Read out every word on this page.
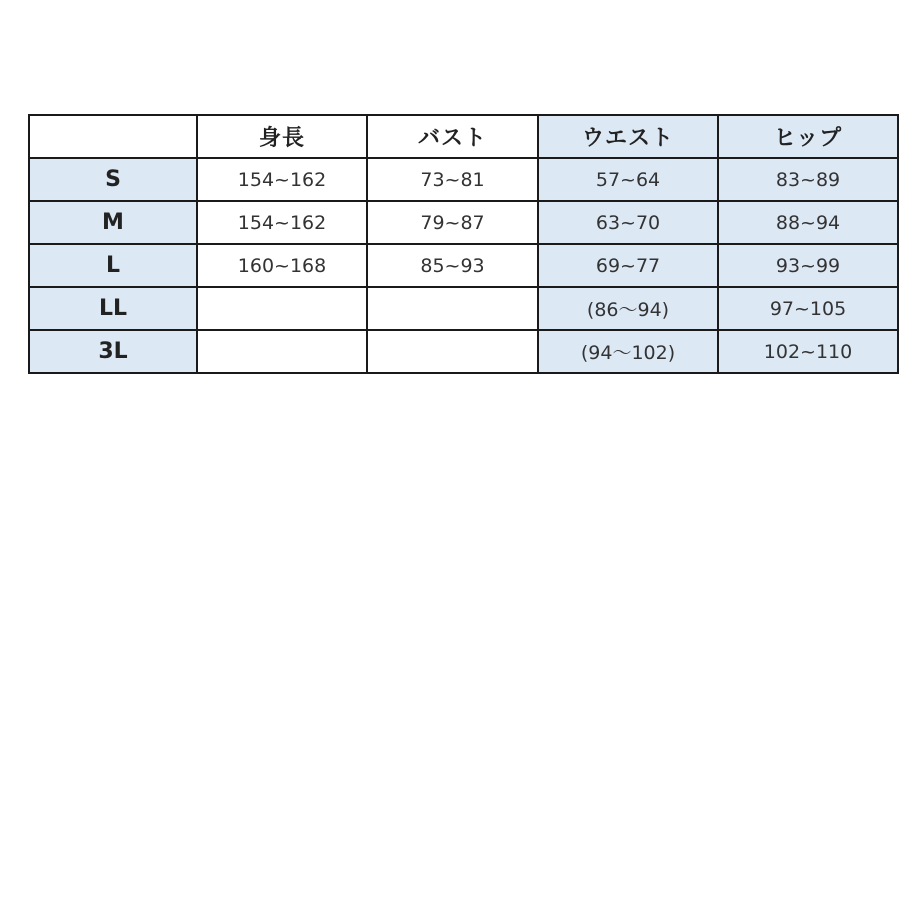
	身長	バスト	ウエスト	ヒップ
S	154~162	73~81	57~64	83~89
M	154~162	79~87	63~70	88~94
L	160~168	85~93	69~77	93~99
LL			(86～94)	97~105
3L			(94～102)	102~110
